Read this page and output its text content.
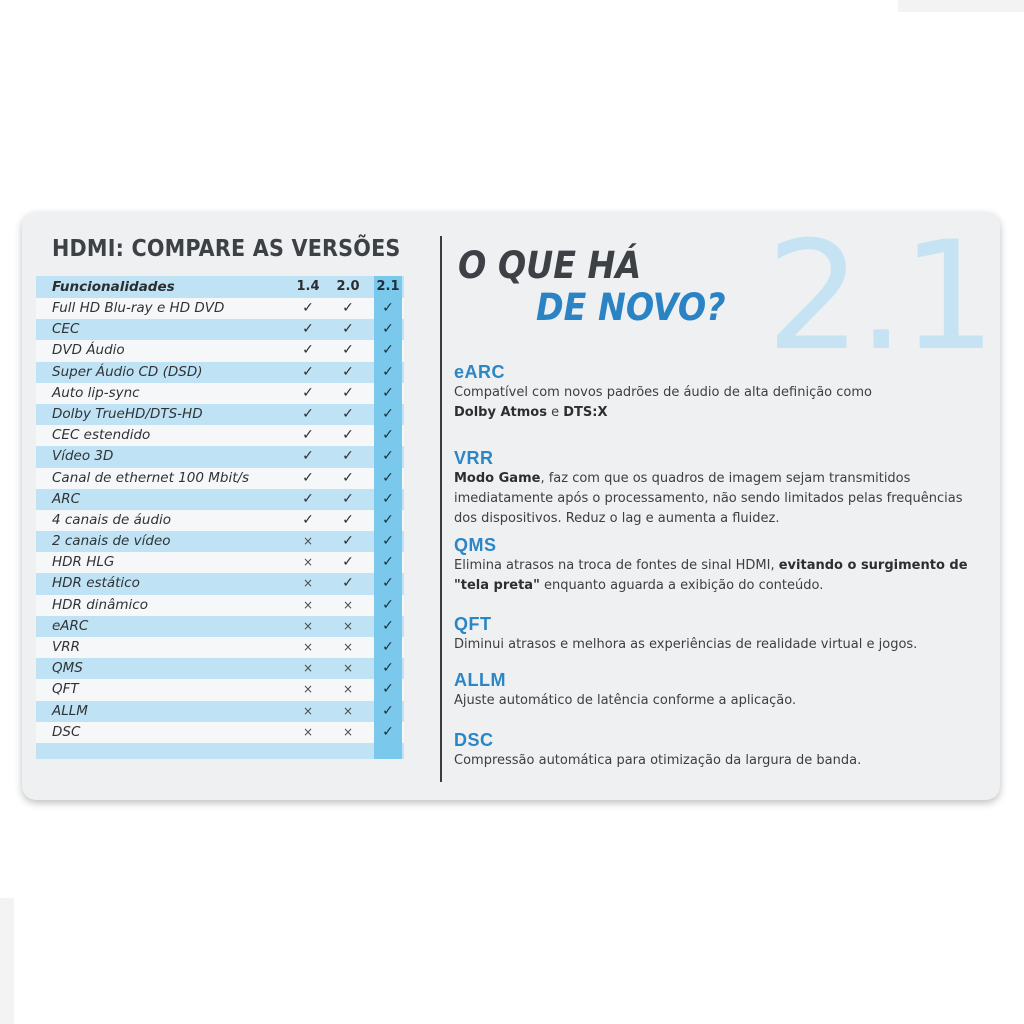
HDMI: COMPARE AS VERSÕES
Funcionalidades	1.4 2.0 2.1
Full HD Blu-ray e HD DVD	✓	✓	✓
CEC	✓	✓	✓
DVD Áudio	✓	✓	✓
Super Áudio CD (DSD)	✓	✓	✓
Auto lip-sync	✓	✓	✓
Dolby TrueHD/DTS-HD	✓	✓	✓
CEC estendido	✓	✓	✓
Vídeo 3D	✓	✓	✓
Canal de ethernet 100 Mbit/s	✓	✓	✓
ARC	✓	✓	✓
4 canais de áudio	✓	✓	✓
2 canais de vídeo	×	✓	✓
HDR HLG	×	✓	✓
HDR estático	×	✓	✓
HDR dinâmico	×	×	✓
eARC	×	×	✓
VRR	×	×	✓
QMS	×	×	✓
QFT	×	×	✓
ALLM	×	×	✓
DSC	×	×	✓
O QUE HÁ
DE NOVO? 2.1
eARC
Compatível com novos padrões de áudio de alta definição como
Dolby Atmos e DTS:X
VRR
Modo Game, faz com que os quadros de imagem sejam transmitidos imediatamente após o processamento, não sendo limitados pelas frequências dos dispositivos. Reduz o lag e aumenta a fluidez.
QMS
Elimina atrasos na troca de fontes de sinal HDMI, evitando o surgimento de "tela preta" enquanto aguarda a exibição do conteúdo.
QFT
Diminui atrasos e melhora as experiências de realidade virtual e jogos.
ALLM
Ajuste automático de latência conforme a aplicação.
DSC
Compressão automática para otimização da largura de banda.
